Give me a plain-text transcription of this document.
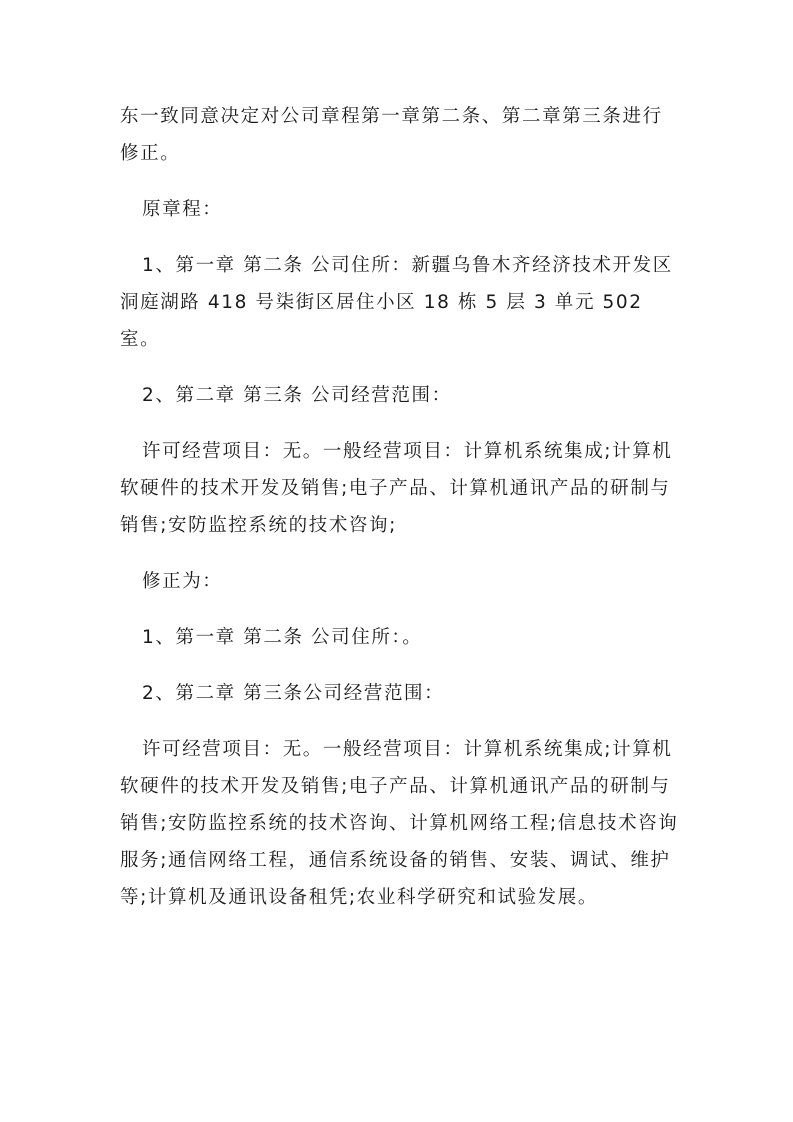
东一致同意决定对公司章程第一章第二条、第二章第三条进行修正。

原章程：

1、第一章 第二条 公司住所：新疆乌鲁木齐经济技术开发区洞庭湖路 418 号柒街区居住小区 18 栋 5 层 3 单元 502 室。

2、第二章 第三条 公司经营范围：

许可经营项目：无。一般经营项目：计算机系统集成;计算机软硬件的技术开发及销售;电子产品、计算机通讯产品的研制与销售;安防监控系统的技术咨询;

修正为：

1、第一章 第二条 公司住所：。

2、第二章 第三条公司经营范围：

许可经营项目：无。一般经营项目：计算机系统集成;计算机软硬件的技术开发及销售;电子产品、计算机通讯产品的研制与销售;安防监控系统的技术咨询、计算机网络工程;信息技术咨询服务;通信网络工程，通信系统设备的销售、安装、调试、维护等;计算机及通讯设备租凭;农业科学研究和试验发展。
